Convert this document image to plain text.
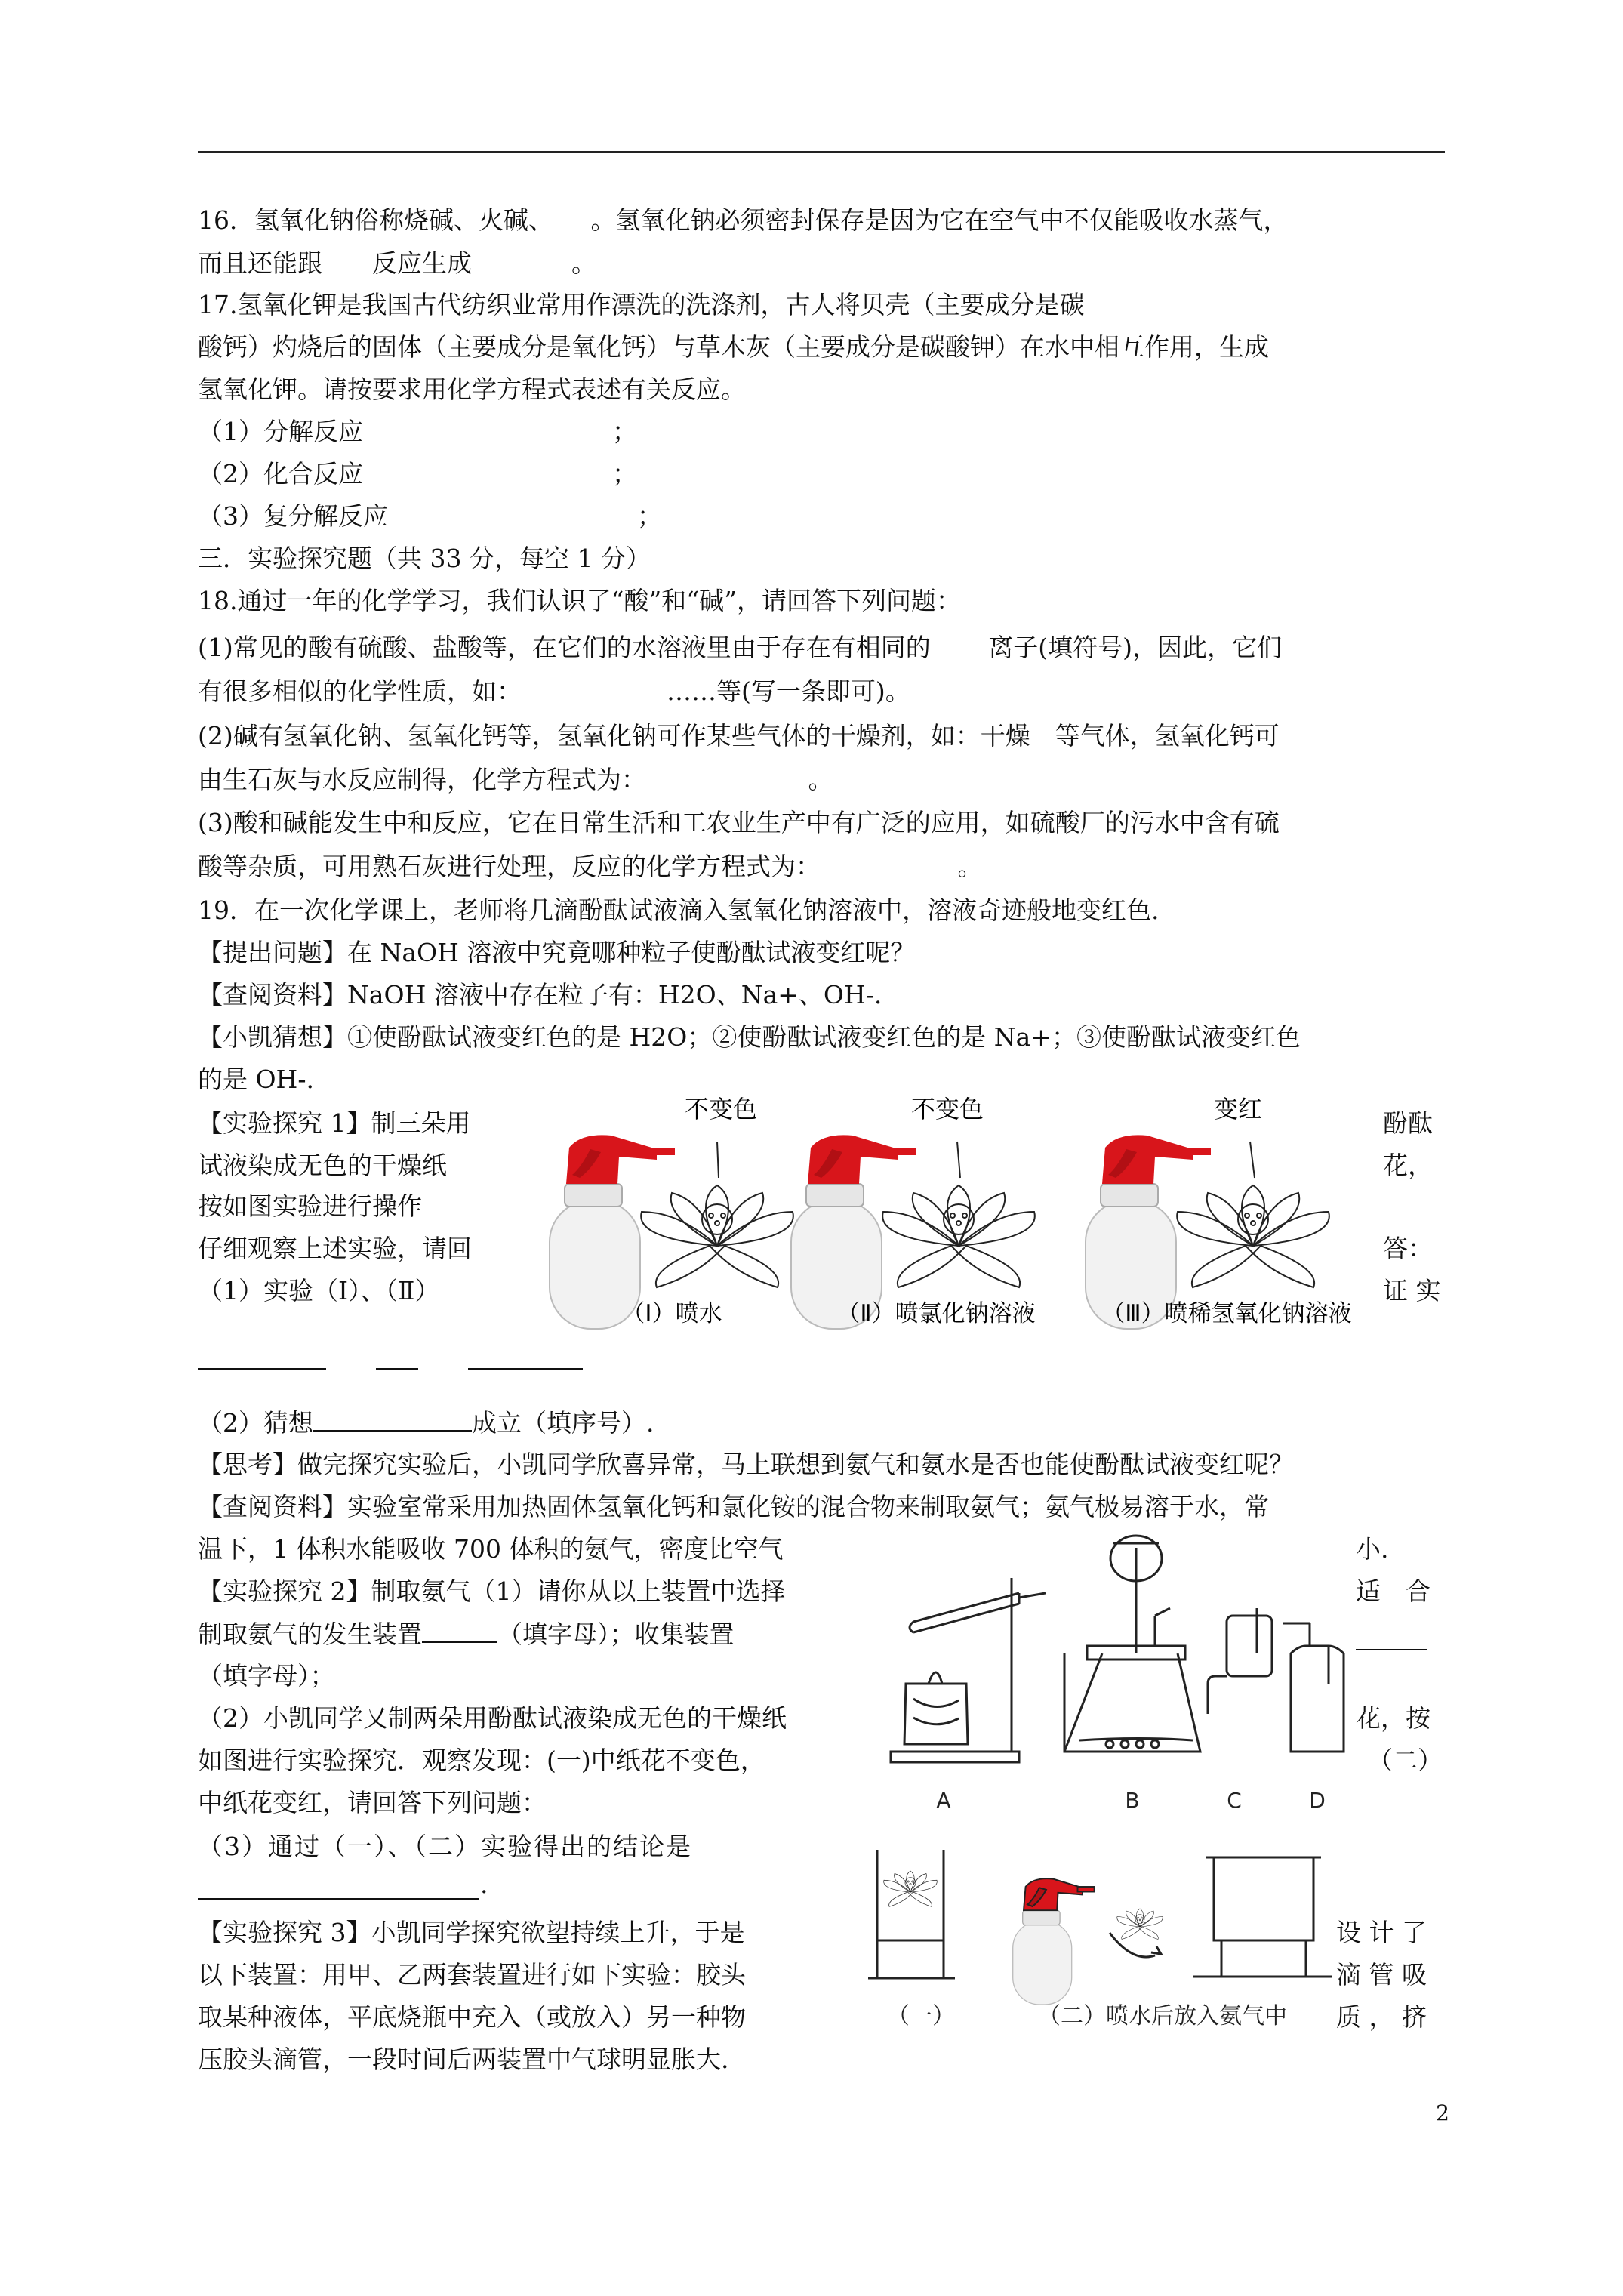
16．氢氧化钠俗称烧碱、火碱、　　。氢氧化钠必须密封保存是因为它在空气中不仅能吸收水蒸气，
而且还能跟　　反应生成　　　　。
17.氢氧化钾是我国古代纺织业常用作漂洗的洗涤剂，古人将贝壳（主要成分是碳
酸钙）灼烧后的固体（主要成分是氧化钙）与草木灰（主要成分是碳酸钾）在水中相互作用，生成
氢氧化钾。请按要求用化学方程式表述有关反应。
（1）分解反应　　　　　　　　　　；
（2）化合反应　　　　　　　　　　；
（3）复分解反应　　　　　　　　　　；
三．实验探究题（共 33 分，每空 1 分）
18.通过一年的化学学习，我们认识了“酸”和“碱”，请回答下列问题：
(1)常见的酸有硫酸、盐酸等，在它们的水溶液里由于存在有相同的　　 离子(填符号)，因此，它们
有很多相似的化学性质，如：　　　　　　 ……等(写一条即可)。
(2)碱有氢氧化钠、氢氧化钙等，氢氧化钠可作某些气体的干燥剂，如：干燥　等气体，氢氧化钙可
由生石灰与水反应制得，化学方程式为：　　　　　　　。
(3)酸和碱能发生中和反应，它在日常生活和工农业生产中有广泛的应用，如硫酸厂的污水中含有硫
酸等杂质，可用熟石灰进行处理，反应的化学方程式为：　　　　　　。
19．在一次化学课上，老师将几滴酚酞试液滴入氢氧化钠溶液中，溶液奇迹般地变红色.
【提出问题】在 NaOH 溶液中究竟哪种粒子使酚酞试液变红呢？
【查阅资料】NaOH 溶液中存在粒子有：H2O、Na+、OH-.
【小凯猜想】①使酚酞试液变红色的是 H2O；②使酚酞试液变红色的是 Na+；③使酚酞试液变红色
的是 OH-.
【实验探究 1】制三朵用	酚酞
试液染成无色的干燥纸	花，
按如图实验进行操作
仔细观察上述实验，请回	答：
（1）实验（Ⅰ）、（Ⅱ）	证 实
（2）猜想	成立（填序号）.
【思考】做完探究实验后，小凯同学欣喜异常，马上联想到氨气和氨水是否也能使酚酞试液变红呢？
【查阅资料】实验室常采用加热固体氢氧化钙和氯化铵的混合物来制取氨气；氨气极易溶于水，常
温下，1 体积水能吸收 700 体积的氨气，密度比空气	小.
【实验探究 2】制取氨气（1）请你从以上装置中选择	适　合
制取氨气的发生装置	（填字母）；收集装置
（填字母）；
（2）小凯同学又制两朵用酚酞试液染成无色的干燥纸	花，按
如图进行实验探究．观察发现：(一)中纸花不变色，	（二）
中纸花变红，请回答下列问题：
（3）通过（一）、（二）实验得出的结论是
.
【实验探究 3】小凯同学探究欲望持续上升，于是	设 计 了
以下装置：用甲、乙两套装置进行如下实验：胶头	滴 管 吸
取某种液体，平底烧瓶中充入（或放入）另一种物	质 ， 挤
压胶头滴管，一段时间后两装置中气球明显胀大.
不变色	不变色	变红
（Ⅰ）喷水	（Ⅱ）喷氯化钠溶液	（Ⅲ）喷稀氢氧化钠溶液
A	B	C	D
（一）	（二）喷水后放入氨气中
2
